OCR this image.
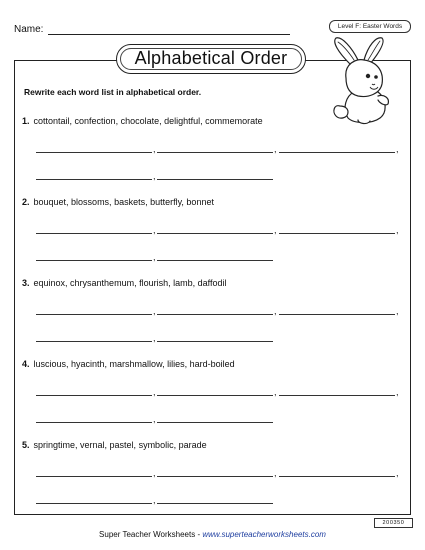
Name:	Level F: Easter Words
Alphabetical Order
Rewrite each word list in alphabetical order.
1. cottontail, confection, chocolate, delightful, commemorate
,	,	,
,
2. bouquet, blossoms, baskets, butterfly, bonnet
,	,	,
,
3. equinox, chrysanthemum, flourish, lamb, daffodil
,	,	,
,
4. luscious, hyacinth, marshmallow, lilies, hard-boiled
,	,	,
,
5. springtime, vernal, pastel, symbolic, parade
,	,	,
,
200350
Super Teacher Worksheets - www.superteacherworksheets.com
